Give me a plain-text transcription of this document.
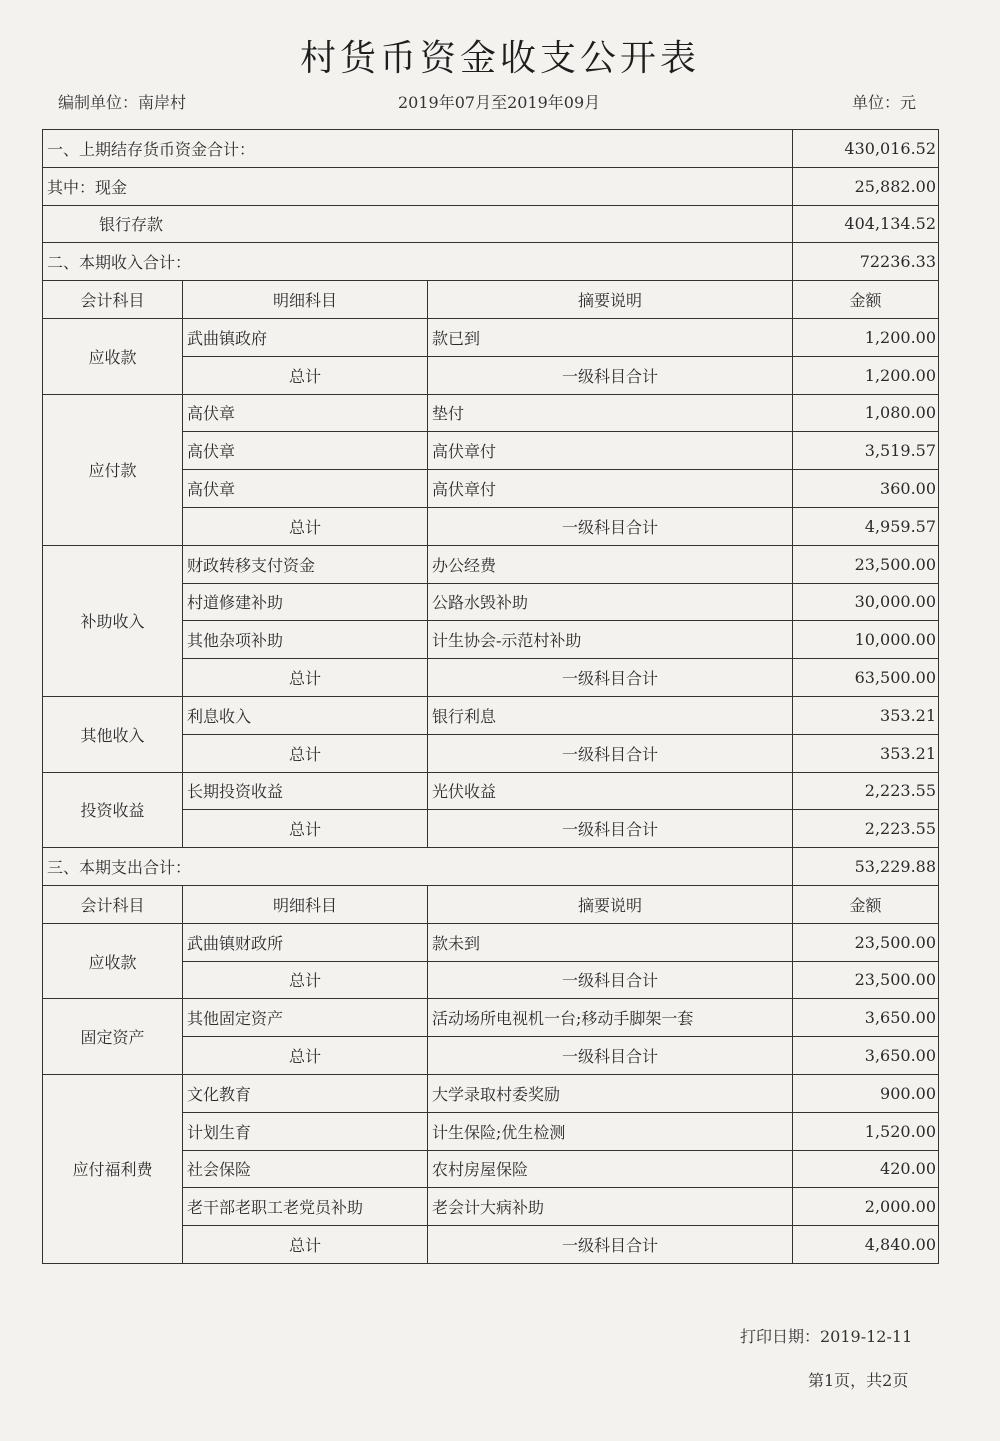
村货币资金收支公开表
编制单位：南岸村	2019年07月至2019年09月	单位：元
一、上期结存货币资金合计：			430,016.52
其中：现金			25,882.00
银行存款			404,134.52
二、本期收入合计：			72236.33
会计科目	明细科目	摘要说明	金额
应收款	武曲镇政府	款已到	1,200.00
	总计	一级科目合计	1,200.00
应付款	高伏章	垫付	1,080.00
	高伏章	高伏章付	3,519.57
	高伏章	高伏章付	360.00
	总计	一级科目合计	4,959.57
补助收入	财政转移支付资金	办公经费	23,500.00
	村道修建补助	公路水毁补助	30,000.00
	其他杂项补助	计生协会-示范村补助	10,000.00
	总计	一级科目合计	63,500.00
其他收入	利息收入	银行利息	353.21
	总计	一级科目合计	353.21
投资收益	长期投资收益	光伏收益	2,223.55
	总计	一级科目合计	2,223.55
三、本期支出合计：			53,229.88
会计科目	明细科目	摘要说明	金额
应收款	武曲镇财政所	款未到	23,500.00
	总计	一级科目合计	23,500.00
固定资产	其他固定资产	活动场所电视机一台;移动手脚架一套	3,650.00
	总计	一级科目合计	3,650.00
应付福利费	文化教育	大学录取村委奖励	900.00
	计划生育	计生保险;优生检测	1,520.00
	社会保险	农村房屋保险	420.00
	老干部老职工老党员补助	老会计大病补助	2,000.00
	总计	一级科目合计	4,840.00
打印日期：2019-12-11
第1页，共2页
